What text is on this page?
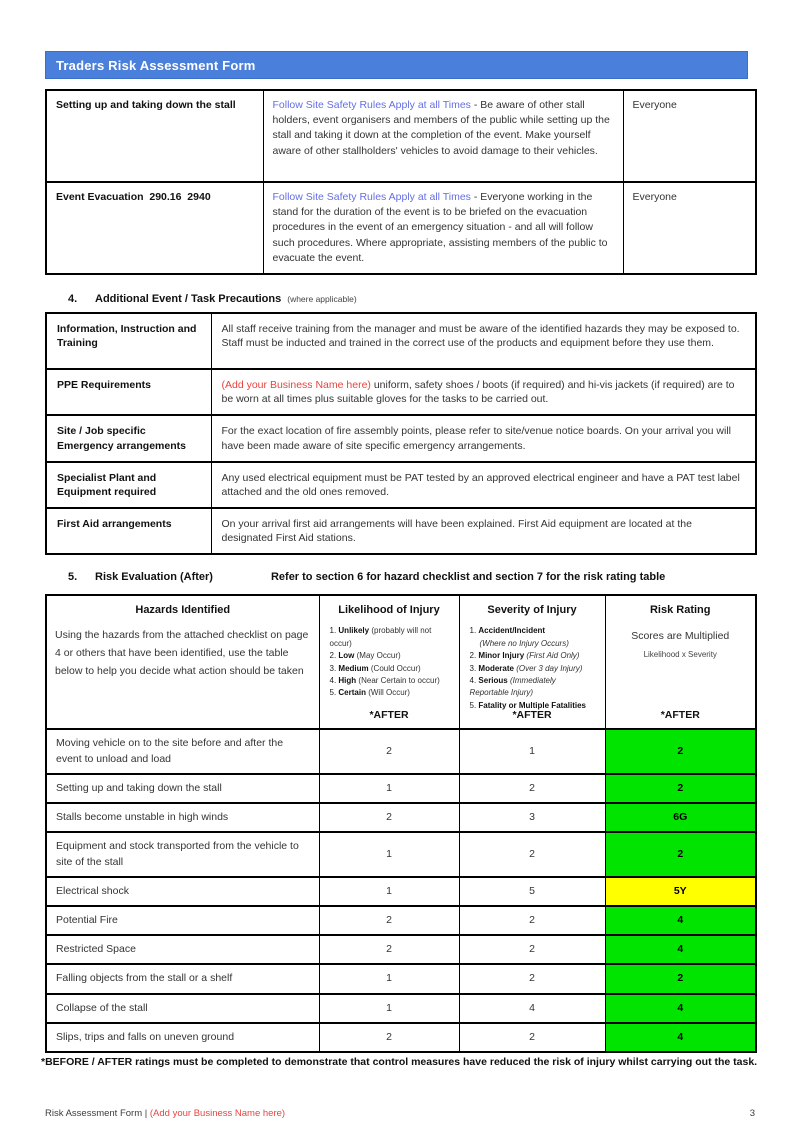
Traders Risk Assessment Form
Setting up and taking down the stall	Follow Site Safety Rules Apply at all Times - Be aware of other stall holders, event organisers and members of the public while setting up the stall and taking it down at the completion of the event. Make yourself aware of other stallholders' vehicles to avoid damage to their vehicles.	Everyone
Event Evacuation  290.16  2940	Follow Site Safety Rules Apply at all Times - Everyone working in the stand for the duration of the event is to be briefed on the evacuation procedures in the event of an emergency situation - and all will follow such procedures. Where appropriate, assisting members of the public to evacuate the event.	Everyone
4.	Additional Event / Task Precautions (where applicable)
Information, Instruction and Training	All staff receive training from the manager and must be aware of the identified hazards they may be exposed to. Staff must be inducted and trained in the correct use of the products and equipment before they use them.
PPE Requirements	(Add your Business Name here) uniform, safety shoes / boots (if required) and hi-vis jackets (if required) are to be worn at all times plus suitable gloves for the tasks to be carried out.
Site / Job specific Emergency arrangements	For the exact location of fire assembly points, please refer to site/venue notice boards. On your arrival you will have been made aware of site specific emergency arrangements.
Specialist Plant and Equipment required	Any used electrical equipment must be PAT tested by an approved electrical engineer and have a PAT test label attached and the old ones removed.
First Aid arrangements	On your arrival first aid arrangements will have been explained. First Aid equipment are located at the designated First Aid stations.
5.	Risk Evaluation (After)	Refer to section 6 for hazard checklist and section 7 for the risk rating table
Hazards Identified
Using the hazards from the attached checklist on page 4 or others that have been identified, use the table below to help you decide what action should be taken	
Likelihood of Injury
1. Unlikely (probably will not occur)
2. Low (May Occur)
3. Medium (Could Occur)
4. High (Near Certain to occur)
5. Certain (Will Occur)
*AFTER

Severity of Injury
1. Accident/Incident
(Where no Injury Occurs)
2. Minor Injury (First Aid Only)
3. Moderate (Over 3 day Injury)
4. Serious (Immediately Reportable Injury)
5. Fatality or Multiple Fatalities
*AFTER

Risk Rating
Scores are Multiplied
Likelihood x Severity
*AFTER

Moving vehicle on to the site before and after the event to unload and load	2	1	2
Setting up and taking down the stall	1	2	2
Stalls become unstable in high winds	2	3	6G
Equipment and stock transported from the vehicle to site of the stall	1	2	2
Electrical shock	1	5	5Y
Potential Fire	2	2	4
Restricted Space	2	2	4
Falling objects from the stall or a shelf	1	2	2
Collapse of the stall	1	4	4
Slips, trips and falls on uneven ground	2	2	4
*BEFORE / AFTER ratings must be completed to demonstrate that control measures have reduced the risk of injury whilst carrying out the task.
Risk Assessment Form | (Add your Business Name here)	3
